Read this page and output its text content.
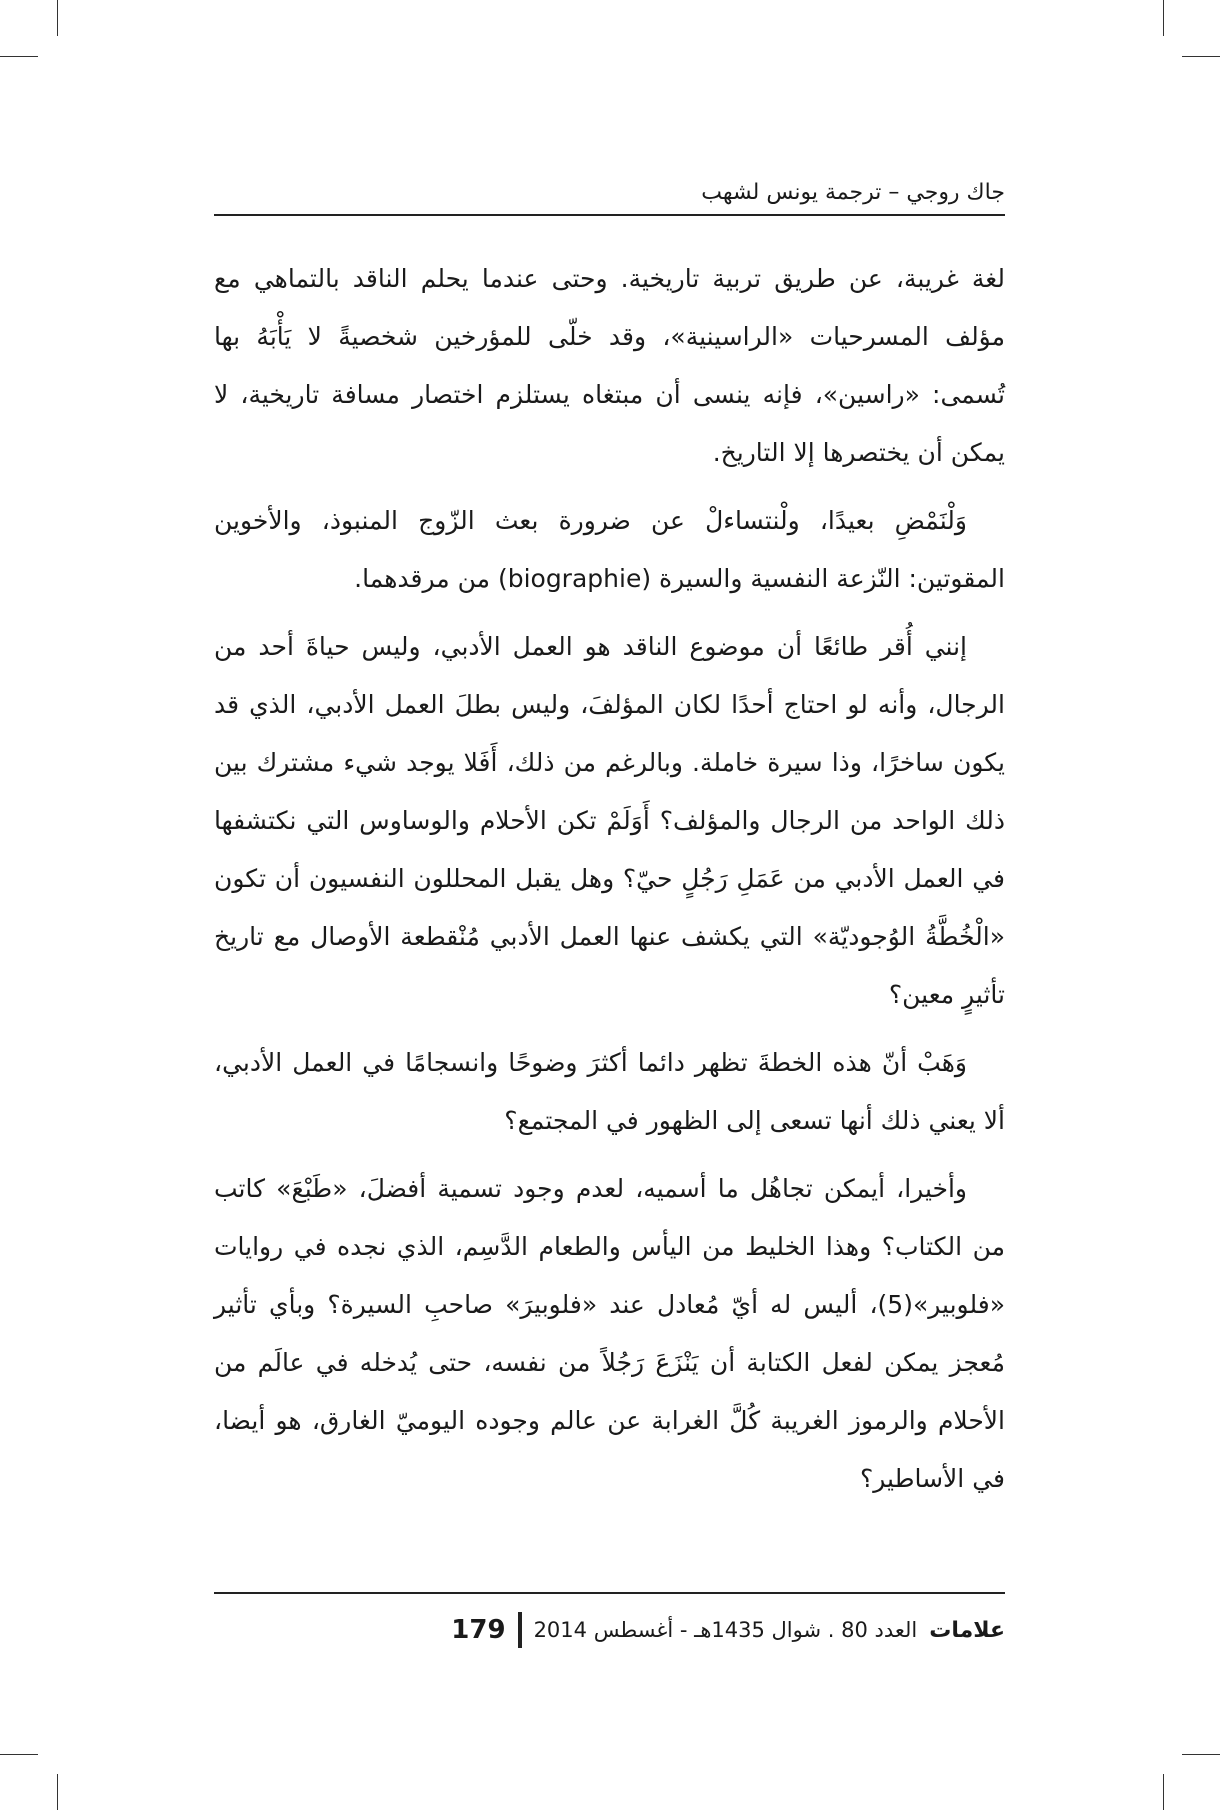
جاك روجي – ترجمة يونس لشهب

لغة غريبة، عن طريق تربية تاريخية. وحتى عندما يحلم الناقد بالتماهي مع مؤلف المسرحيات «الراسينية»، وقد خلّى للمؤرخين شخصيةً لا يَأْبَهُ بها تُسمى: «راسين»، فإنه ينسى أن مبتغاه يستلزم اختصار مسافة تاريخية، لا يمكن أن يختصرها إلا التاريخ.

وَلْنَمْضِ بعيدًا، ولْنتساءلْ عن ضرورة بعث الزّوج المنبوذ، والأخوين المقوتين: النّزعة النفسية والسيرة (biographie) من مرقدهما.

إنني أُقر طائعًا أن موضوع الناقد هو العمل الأدبي، وليس حياةَ أحد من الرجال، وأنه لو احتاج أحدًا لكان المؤلفَ، وليس بطلَ العمل الأدبي، الذي قد يكون ساخرًا، وذا سيرة خاملة. وبالرغم من ذلك، أَفَلا يوجد شيء مشترك بين ذلك الواحد من الرجال والمؤلف؟ أَوَلَمْ تكن الأحلام والوساوس التي نكتشفها في العمل الأدبي من عَمَلِ رَجُلٍ حيّ؟ وهل يقبل المحللون النفسيون أن تكون «الْخُطَّةُ الوُجوديّة» التي يكشف عنها العمل الأدبي مُنْقطعة الأوصال مع تاريخ تأثيرٍ معين؟

وَهَبْ أنّ هذه الخطةَ تظهر دائما أكثرَ وضوحًا وانسجامًا في العمل الأدبي، ألا يعني ذلك أنها تسعى إلى الظهور في المجتمع؟

وأخيرا، أيمكن تجاهُل ما أسميه، لعدم وجود تسمية أفضلَ، «طَبْعَ» كاتب من الكتاب؟ وهذا الخليط من اليأس والطعام الدَّسِم، الذي نجده في روايات «فلوبير»(5)، أليس له أيّ مُعادل عند «فلوبيرَ» صاحبِ السيرة؟ وبأي تأثير مُعجز يمكن لفعل الكتابة أن يَنْزَعَ رَجُلاً من نفسه، حتى يُدخله في عالَم من الأحلام والرموز الغريبة كُلَّ الغرابة عن عالم وجوده اليوميّ الغارق، هو أيضا، في الأساطير؟

علامات
العدد 80 . شوال 1435هـ - أغسطس 2014
179
